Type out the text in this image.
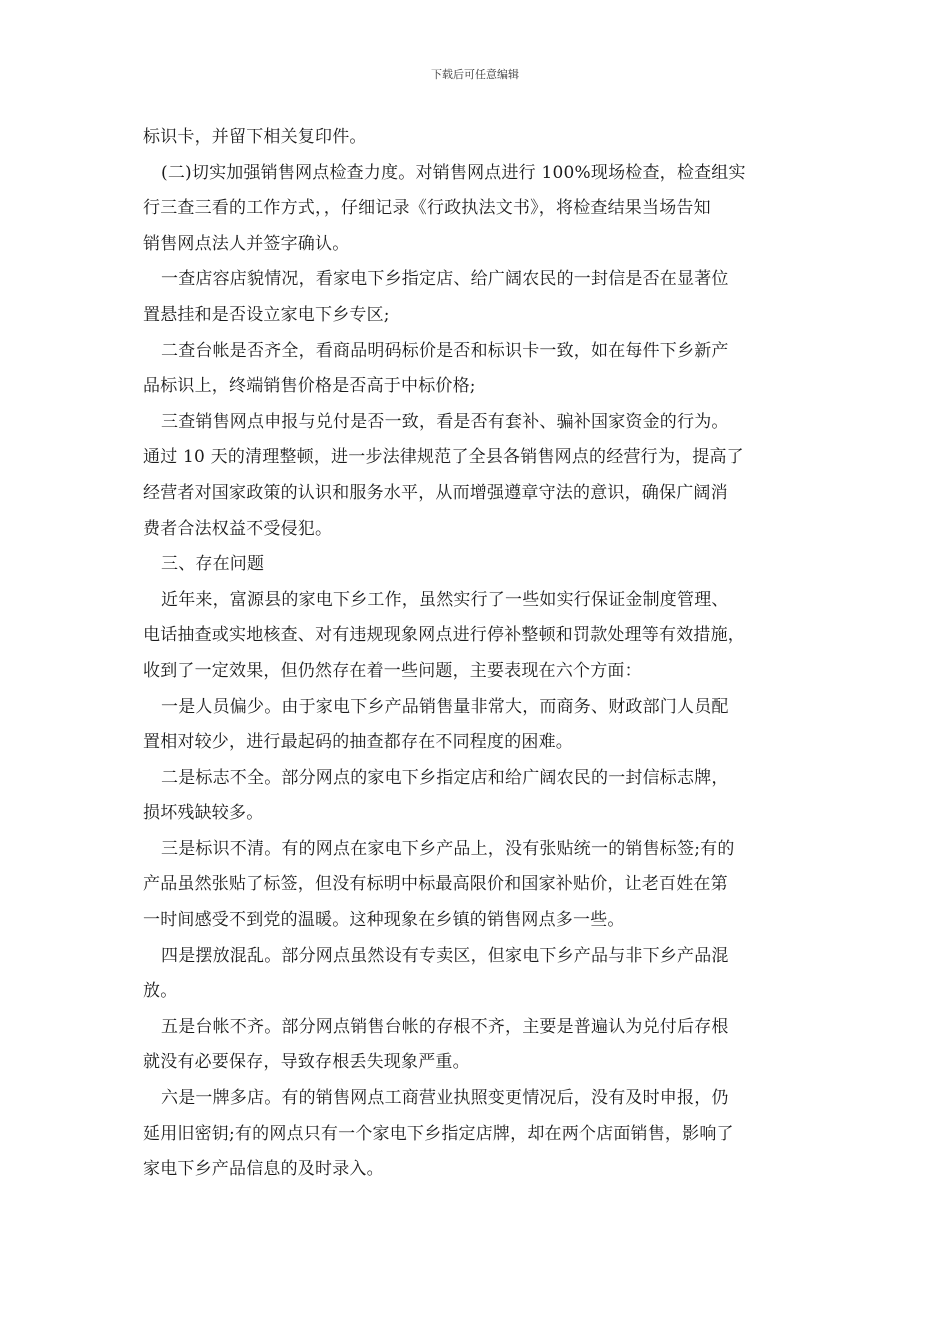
下载后可任意编辑
标识卡，并留下相关复印件。
(二)切实加强销售网点检查力度。对销售网点进行 100%现场检查，检查组实
行三查三看的工作方式，，仔细记录《行政执法文书》，将检查结果当场告知
销售网点法人并签字确认。
一查店容店貌情况，看家电下乡指定店、给广阔农民的一封信是否在显著位
置悬挂和是否设立家电下乡专区;
二查台帐是否齐全，看商品明码标价是否和标识卡一致，如在每件下乡新产
品标识上，终端销售价格是否高于中标价格;
三查销售网点申报与兑付是否一致，看是否有套补、骗补国家资金的行为。
通过 10 天的清理整顿，进一步法律规范了全县各销售网点的经营行为，提高了
经营者对国家政策的认识和服务水平，从而增强遵章守法的意识，确保广阔消
费者合法权益不受侵犯。
三、存在问题
近年来，富源县的家电下乡工作，虽然实行了一些如实行保证金制度管理、
电话抽查或实地核查、对有违规现象网点进行停补整顿和罚款处理等有效措施，
收到了一定效果，但仍然存在着一些问题，主要表现在六个方面：
一是人员偏少。由于家电下乡产品销售量非常大，而商务、财政部门人员配
置相对较少，进行最起码的抽查都存在不同程度的困难。
二是标志不全。部分网点的家电下乡指定店和给广阔农民的一封信标志牌，
损坏残缺较多。
三是标识不清。有的网点在家电下乡产品上，没有张贴统一的销售标签;有的
产品虽然张贴了标签，但没有标明中标最高限价和国家补贴价，让老百姓在第
一时间感受不到党的温暖。这种现象在乡镇的销售网点多一些。
四是摆放混乱。部分网点虽然设有专卖区，但家电下乡产品与非下乡产品混
放。
五是台帐不齐。部分网点销售台帐的存根不齐，主要是普遍认为兑付后存根
就没有必要保存，导致存根丢失现象严重。
六是一牌多店。有的销售网点工商营业执照变更情况后，没有及时申报，仍
延用旧密钥;有的网点只有一个家电下乡指定店牌，却在两个店面销售，影响了
家电下乡产品信息的及时录入。
